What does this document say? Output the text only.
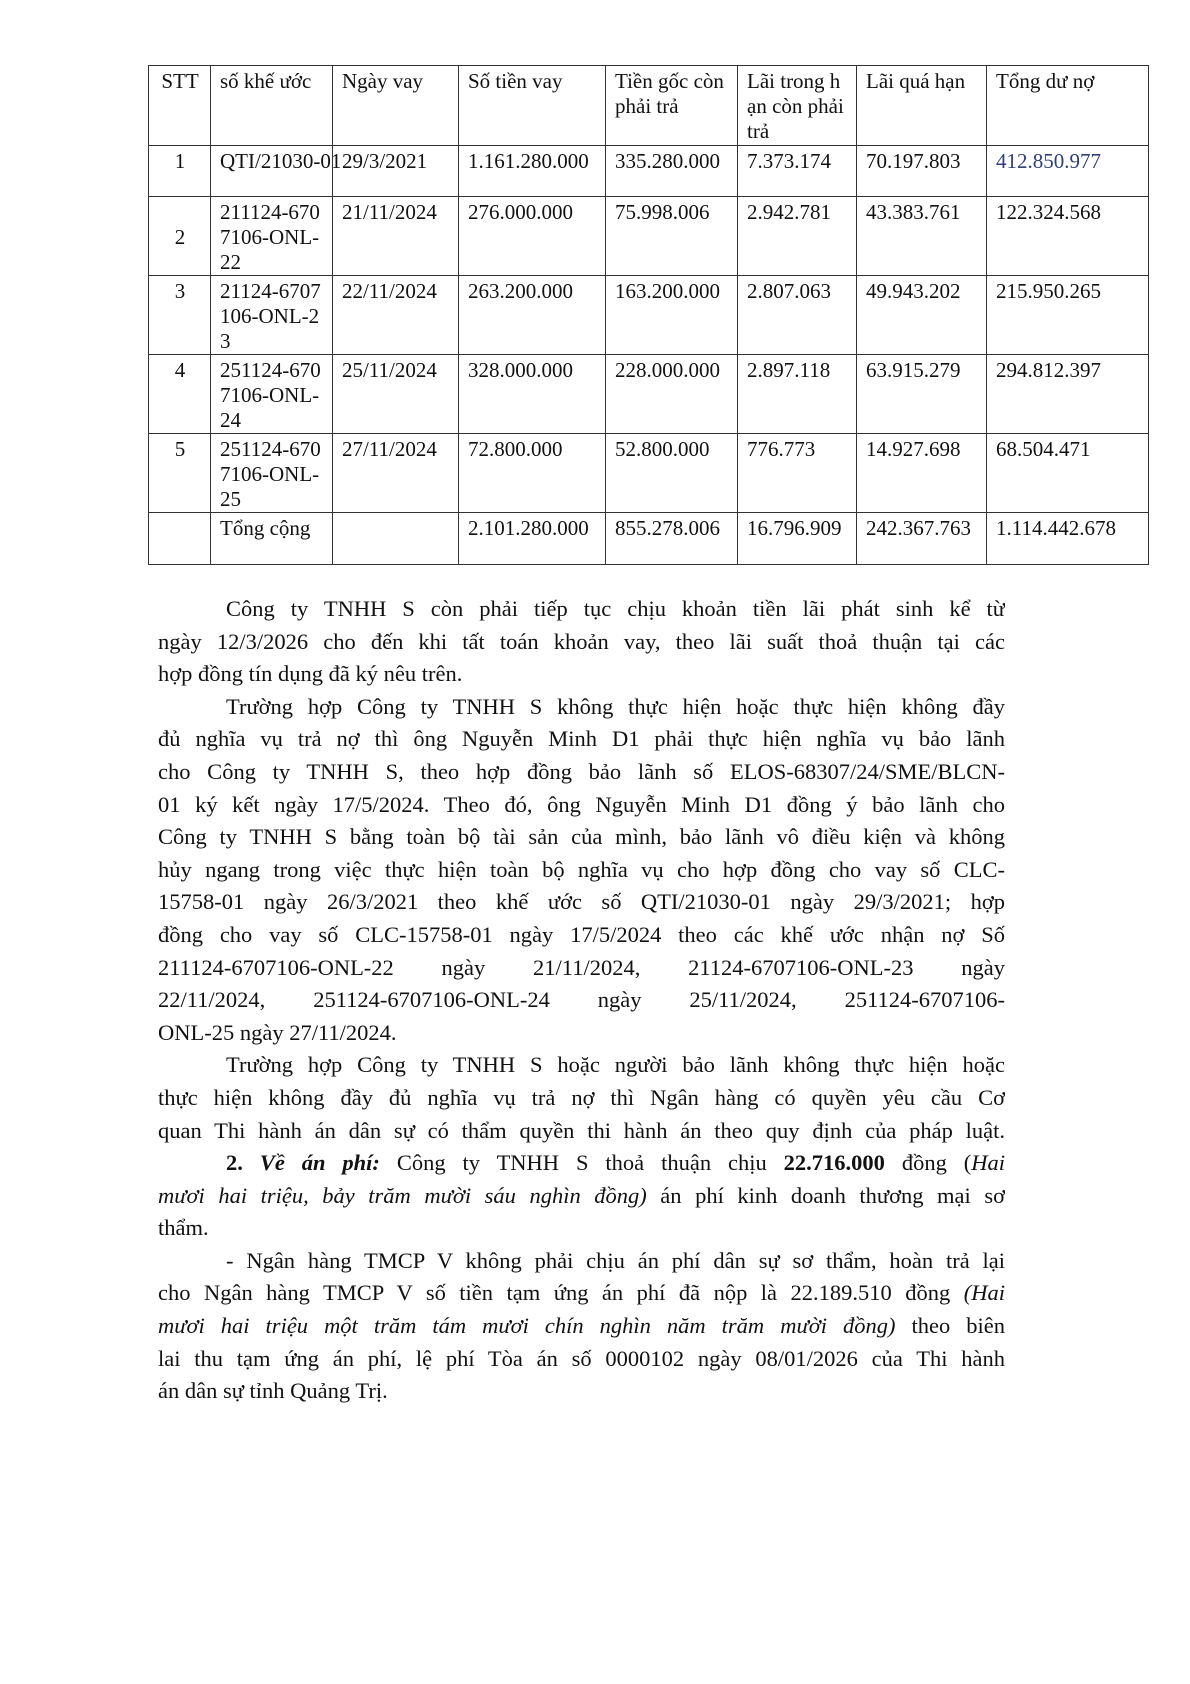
STT	số khế ước	Ngày vay	Số tiền vay	Tiền gốc còn phải trả	Lãi trong hạn còn phải trả	Lãi quá hạn	Tổng dư nợ
1	QTI/21030-01	29/3/2021	1.161.280.000	335.280.000	7.373.174	70.197.803	412.850.977
2	211124-6707106-ONL-22	21/11/2024	276.000.000	75.998.006	2.942.781	43.383.761	122.324.568
3	21124-6707106-ONL-23	22/11/2024	263.200.000	163.200.000	2.807.063	49.943.202	215.950.265
4	251124-6707106-ONL-24	25/11/2024	328.000.000	228.000.000	2.897.118	63.915.279	294.812.397
5	251124-6707106-ONL-25	27/11/2024	72.800.000	52.800.000	776.773	14.927.698	68.504.471
	Tổng cộng		2.101.280.000	855.278.006	16.796.909	242.367.763	1.114.442.678
Công ty TNHH S còn phải tiếp tục chịu khoản tiền lãi phát sinh kể từ
ngày 12/3/2026 cho đến khi tất toán khoản vay, theo lãi suất thoả thuận tại các
hợp đồng tín dụng đã ký nêu trên.
Trường hợp Công ty TNHH S không thực hiện hoặc thực hiện không đầy
đủ nghĩa vụ trả nợ thì ông Nguyễn Minh D1 phải thực hiện nghĩa vụ bảo lãnh
cho Công ty TNHH S, theo hợp đồng bảo lãnh số ELOS-68307/24/SME/BLCN-
01 ký kết ngày 17/5/2024. Theo đó, ông Nguyễn Minh D1 đồng ý bảo lãnh cho
Công ty TNHH S bằng toàn bộ tài sản của mình, bảo lãnh vô điều kiện và không
hủy ngang trong việc thực hiện toàn bộ nghĩa vụ cho hợp đồng cho vay số CLC-
15758-01 ngày 26/3/2021 theo khế ước số QTI/21030-01 ngày 29/3/2021; hợp
đồng cho vay số CLC-15758-01 ngày 17/5/2024 theo các khế ước nhận nợ Số
211124-6707106-ONL-22 ngày 21/11/2024, 21124-6707106-ONL-23 ngày
22/11/2024, 251124-6707106-ONL-24 ngày 25/11/2024, 251124-6707106-
ONL-25 ngày 27/11/2024.
Trường hợp Công ty TNHH S hoặc người bảo lãnh không thực hiện hoặc
thực hiện không đầy đủ nghĩa vụ trả nợ thì Ngân hàng có quyền yêu cầu Cơ
quan Thi hành án dân sự có thẩm quyền thi hành án theo quy định của pháp luật.
2. Về án phí: Công ty TNHH S thoả thuận chịu 22.716.000 đồng (Hai
mươi hai triệu, bảy trăm mười sáu nghìn đồng) án phí kinh doanh thương mại sơ
thẩm.
- Ngân hàng TMCP V không phải chịu án phí dân sự sơ thẩm, hoàn trả lại
cho Ngân hàng TMCP V số tiền tạm ứng án phí đã nộp là 22.189.510 đồng (Hai
mươi hai triệu một trăm tám mươi chín nghìn năm trăm mười đồng) theo biên
lai thu tạm ứng án phí, lệ phí Tòa án số 0000102 ngày 08/01/2026 của Thi hành
án dân sự tỉnh Quảng Trị.
